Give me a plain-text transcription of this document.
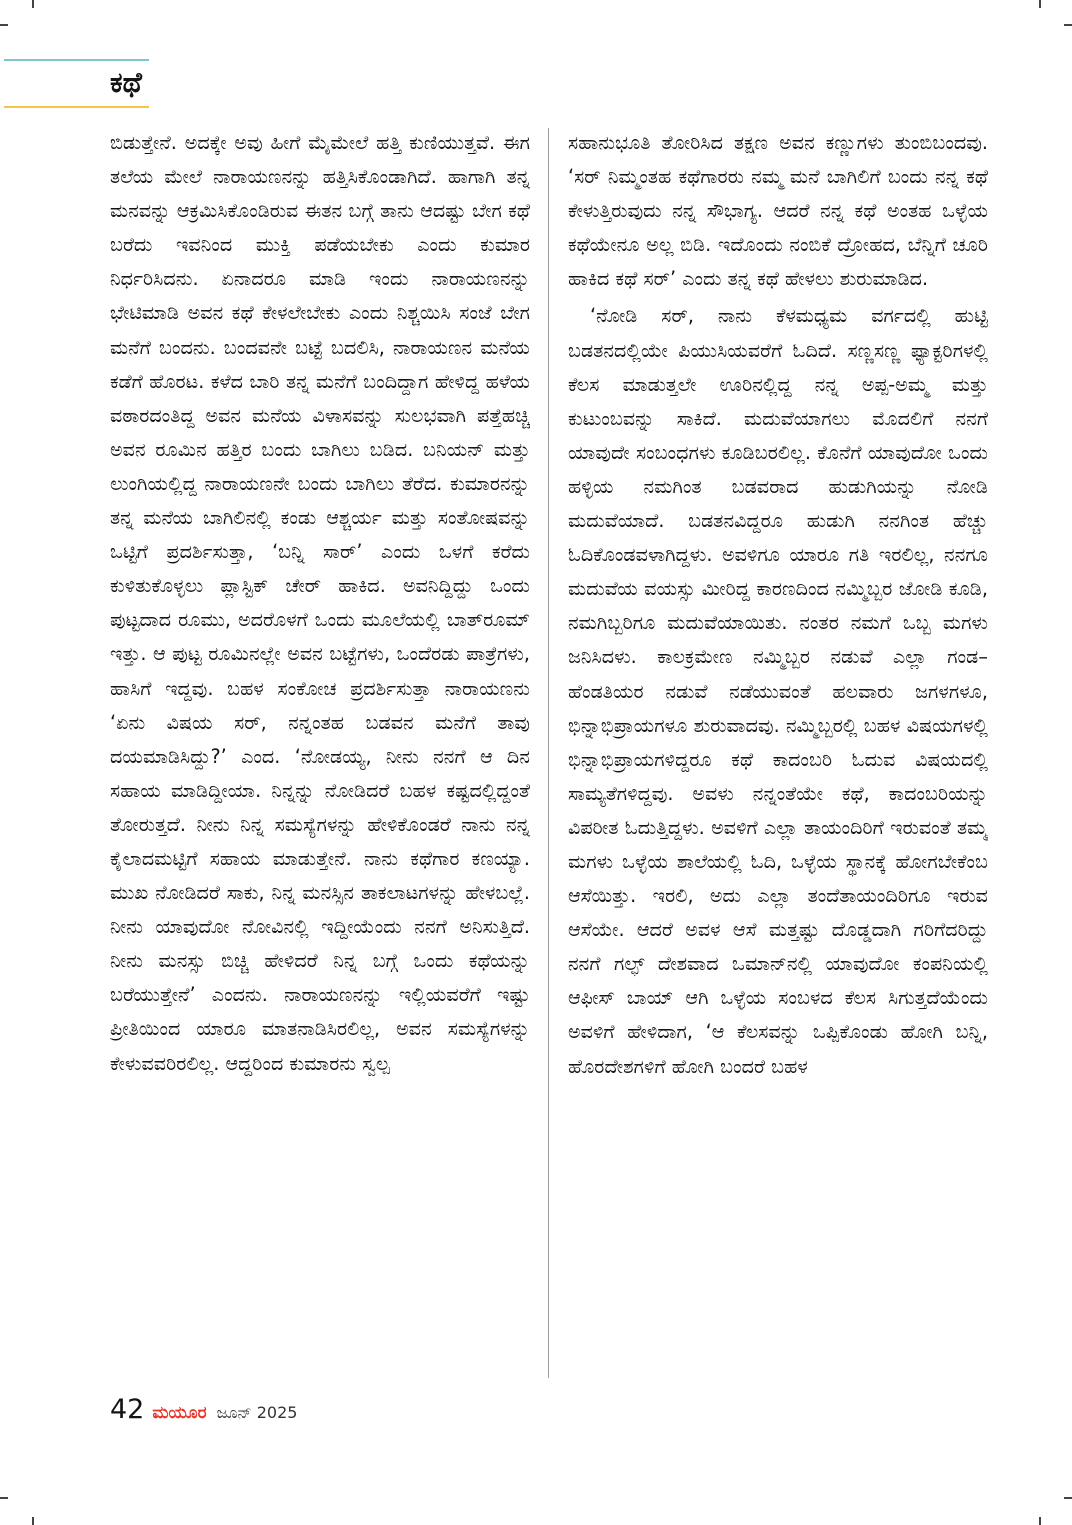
ಕಥೆ

ಬಿಡುತ್ತೇನೆ. ಅದಕ್ಕೇ ಅವು ಹೀಗೆ ಮೈಮೇಲೆ ಹತ್ತಿ ಕುಣಿಯುತ್ತವೆ. ಈಗ ತಲೆಯ ಮೇಲೆ ನಾರಾಯಣನನ್ನು ಹತ್ತಿಸಿಕೊಂಡಾಗಿದೆ. ಹಾಗಾಗಿ ತನ್ನ ಮನವನ್ನು ಆಕ್ರಮಿಸಿಕೊಂಡಿರುವ ಈತನ ಬಗ್ಗೆ ತಾನು ಆದಷ್ಟು ಬೇಗ ಕಥೆ ಬರೆದು ಇವನಿಂದ ಮುಕ್ತಿ ಪಡೆಯಬೇಕು ಎಂದು ಕುಮಾರ ನಿರ್ಧರಿಸಿದನು. ಏನಾದರೂ ಮಾಡಿ ಇಂದು ನಾರಾಯಣನನ್ನು ಭೇಟಿಮಾಡಿ ಅವನ ಕಥೆ ಕೇಳಲೇಬೇಕು ಎಂದು ನಿಶ್ಚಯಿಸಿ ಸಂಜೆ ಬೇಗ ಮನೆಗೆ ಬಂದನು. ಬಂದವನೇ ಬಟ್ಟೆ ಬದಲಿಸಿ, ನಾರಾಯಣನ ಮನೆಯ ಕಡೆಗೆ ಹೊರಟ. ಕಳೆದ ಬಾರಿ ತನ್ನ ಮನೆಗೆ ಬಂದಿದ್ದಾಗ ಹೇಳಿದ್ದ ಹಳೆಯ ವಠಾರದಂತಿದ್ದ ಅವನ ಮನೆಯ ವಿಳಾಸವನ್ನು ಸುಲಭವಾಗಿ ಪತ್ತೆಹಚ್ಚಿ ಅವನ ರೂಮಿನ ಹತ್ತಿರ ಬಂದು ಬಾಗಿಲು ಬಡಿದ. ಬನಿಯನ್ ಮತ್ತು ಲುಂಗಿಯಲ್ಲಿದ್ದ ನಾರಾಯಣನೇ ಬಂದು ಬಾಗಿಲು ತೆರೆದ. ಕುಮಾರನನ್ನು ತನ್ನ ಮನೆಯ ಬಾಗಿಲಿನಲ್ಲಿ ಕಂಡು ಆಶ್ಚರ್ಯ ಮತ್ತು ಸಂತೋಷವನ್ನು ಒಟ್ಟಿಗೆ ಪ್ರದರ್ಶಿಸುತ್ತಾ, ‘ಬನ್ನಿ ಸಾರ್’ ಎಂದು ಒಳಗೆ ಕರೆದು ಕುಳಿತುಕೊಳ್ಳಲು ಪ್ಲಾಸ್ಟಿಕ್ ಚೇರ್ ಹಾಕಿದ. ಅವನಿದ್ದಿದ್ದು ಒಂದು ಪುಟ್ಟದಾದ ರೂಮು, ಅದರೊಳಗೆ ಒಂದು ಮೂಲೆಯಲ್ಲಿ ಬಾತ್‌ರೂಮ್ ಇತ್ತು. ಆ ಪುಟ್ಟ ರೂಮಿನಲ್ಲೇ ಅವನ ಬಟ್ಟೆಗಳು, ಒಂದೆರಡು ಪಾತ್ರೆಗಳು, ಹಾಸಿಗೆ ಇದ್ದವು. ಬಹಳ ಸಂಕೋಚ ಪ್ರದರ್ಶಿಸುತ್ತಾ ನಾರಾಯಣನು ‘ಏನು ವಿಷಯ ಸರ್, ನನ್ನಂತಹ ಬಡವನ ಮನೆಗೆ ತಾವು ದಯಮಾಡಿಸಿದ್ದು?’ ಎಂದ. ‘ನೋಡಯ್ಯ, ನೀನು ನನಗೆ ಆ ದಿನ ಸಹಾಯ ಮಾಡಿದ್ದೀಯಾ. ನಿನ್ನನ್ನು ನೋಡಿದರೆ ಬಹಳ ಕಷ್ಟದಲ್ಲಿದ್ದಂತೆ ತೋರುತ್ತದೆ. ನೀನು ನಿನ್ನ ಸಮಸ್ಯೆಗಳನ್ನು ಹೇಳಿಕೊಂಡರೆ ನಾನು ನನ್ನ ಕೈಲಾದಮಟ್ಟಿಗೆ ಸಹಾಯ ಮಾಡುತ್ತೇನೆ. ನಾನು ಕಥೆಗಾರ ಕಣಯ್ಯಾ. ಮುಖ ನೋಡಿದರೆ ಸಾಕು, ನಿನ್ನ ಮನಸ್ಸಿನ ತಾಕಲಾಟಗಳನ್ನು ಹೇಳಬಲ್ಲೆ. ನೀನು ಯಾವುದೋ ನೋವಿನಲ್ಲಿ ಇದ್ದೀಯೆಂದು ನನಗೆ ಅನಿಸುತ್ತಿದೆ. ನೀನು ಮನಸ್ಸು ಬಿಚ್ಚಿ ಹೇಳಿದರೆ ನಿನ್ನ ಬಗ್ಗೆ ಒಂದು ಕಥೆಯನ್ನು ಬರೆಯುತ್ತೇನೆ’ ಎಂದನು. ನಾರಾಯಣನನ್ನು ಇಲ್ಲಿಯವರೆಗೆ ಇಷ್ಟು ಪ್ರೀತಿಯಿಂದ ಯಾರೂ ಮಾತನಾಡಿಸಿರಲಿಲ್ಲ, ಅವನ ಸಮಸ್ಯೆಗಳನ್ನು ಕೇಳುವವರಿರಲಿಲ್ಲ. ಆದ್ದರಿಂದ ಕುಮಾರನು ಸ್ವಲ್ಪ

ಸಹಾನುಭೂತಿ ತೋರಿಸಿದ ತಕ್ಷಣ ಅವನ ಕಣ್ಣುಗಳು ತುಂಬಿಬಂದವು. ‘ಸರ್ ನಿಮ್ಮಂತಹ ಕಥೆಗಾರರು ನಮ್ಮ ಮನೆ ಬಾಗಿಲಿಗೆ ಬಂದು ನನ್ನ ಕಥೆ ಕೇಳುತ್ತಿರುವುದು ನನ್ನ ಸೌಭಾಗ್ಯ. ಆದರೆ ನನ್ನ ಕಥೆ ಅಂತಹ ಒಳ್ಳೆಯ ಕಥೆಯೇನೂ ಅಲ್ಲ ಬಿಡಿ. ಇದೊಂದು ನಂಬಿಕೆ ದ್ರೋಹದ, ಬೆನ್ನಿಗೆ ಚೂರಿ ಹಾಕಿದ ಕಥೆ ಸರ್’ ಎಂದು ತನ್ನ ಕಥೆ ಹೇಳಲು ಶುರುಮಾಡಿದ.

‘ನೋಡಿ ಸರ್, ನಾನು ಕೆಳಮಧ್ಯಮ ವರ್ಗದಲ್ಲಿ ಹುಟ್ಟಿ ಬಡತನದಲ್ಲಿಯೇ ಪಿಯುಸಿಯವರೆಗೆ ಓದಿದೆ. ಸಣ್ಣಸಣ್ಣ ಫ್ಯಾಕ್ಟರಿಗಳಲ್ಲಿ ಕೆಲಸ ಮಾಡುತ್ತಲೇ ಊರಿನಲ್ಲಿದ್ದ ನನ್ನ ಅಪ್ಪ-ಅಮ್ಮ ಮತ್ತು ಕುಟುಂಬವನ್ನು ಸಾಕಿದೆ. ಮದುವೆಯಾಗಲು ಮೊದಲಿಗೆ ನನಗೆ ಯಾವುದೇ ಸಂಬಂಧಗಳು ಕೂಡಿಬರಲಿಲ್ಲ. ಕೊನೆಗೆ ಯಾವುದೋ ಒಂದು ಹಳ್ಳಿಯ ನಮಗಿಂತ ಬಡವರಾದ ಹುಡುಗಿಯನ್ನು ನೋಡಿ ಮದುವೆಯಾದೆ. ಬಡತನವಿದ್ದರೂ ಹುಡುಗಿ ನನಗಿಂತ ಹೆಚ್ಚು ಓದಿಕೊಂಡವಳಾಗಿದ್ದಳು. ಅವಳಿಗೂ ಯಾರೂ ಗತಿ ಇರಲಿಲ್ಲ, ನನಗೂ ಮದುವೆಯ ವಯಸ್ಸು ಮೀರಿದ್ದ ಕಾರಣದಿಂದ ನಮ್ಮಿಬ್ಬರ ಜೋಡಿ ಕೂಡಿ, ನಮಗಿಬ್ಬರಿಗೂ ಮದುವೆಯಾಯಿತು. ನಂತರ ನಮಗೆ ಒಬ್ಬ ಮಗಳು ಜನಿಸಿದಳು. ಕಾಲಕ್ರಮೇಣ ನಮ್ಮಿಬ್ಬರ ನಡುವೆ ಎಲ್ಲಾ ಗಂಡ– ಹೆಂಡತಿಯರ ನಡುವೆ ನಡೆಯುವಂತೆ ಹಲವಾರು ಜಗಳಗಳೂ, ಭಿನ್ನಾಭಿಪ್ರಾಯಗಳೂ ಶುರುವಾದವು. ನಮ್ಮಿಬ್ಬರಲ್ಲಿ ಬಹಳ ವಿಷಯಗಳಲ್ಲಿ ಭಿನ್ನಾಭಿಪ್ರಾಯಗಳಿದ್ದರೂ ಕಥೆ ಕಾದಂಬರಿ ಓದುವ ವಿಷಯದಲ್ಲಿ ಸಾಮ್ಯತೆಗಳಿದ್ದವು. ಅವಳು ನನ್ನಂತೆಯೇ ಕಥೆ, ಕಾದಂಬರಿಯನ್ನು ವಿಪರೀತ ಓದುತ್ತಿದ್ದಳು. ಅವಳಿಗೆ ಎಲ್ಲಾ ತಾಯಂದಿರಿಗೆ ಇರುವಂತೆ ತಮ್ಮ ಮಗಳು ಒಳ್ಳೆಯ ಶಾಲೆಯಲ್ಲಿ ಓದಿ, ಒಳ್ಳೆಯ ಸ್ಥಾನಕ್ಕೆ ಹೋಗಬೇಕೆಂಬ ಆಸೆಯಿತ್ತು. ಇರಲಿ, ಅದು ಎಲ್ಲಾ ತಂದೆತಾಯಂದಿರಿಗೂ ಇರುವ ಆಸೆಯೇ. ಆದರೆ ಅವಳ ಆಸೆ ಮತ್ತಷ್ಟು ದೊಡ್ಡದಾಗಿ ಗರಿಗೆದರಿದ್ದು ನನಗೆ ಗಲ್ಫ್ ದೇಶವಾದ ಒಮಾನ್‌ನಲ್ಲಿ ಯಾವುದೋ ಕಂಪನಿಯಲ್ಲಿ ಆಫೀಸ್ ಬಾಯ್ ಆಗಿ ಒಳ್ಳೆಯ ಸಂಬಳದ ಕೆಲಸ ಸಿಗುತ್ತದೆಯೆಂದು ಅವಳಿಗೆ ಹೇಳಿದಾಗ, ‘ಆ ಕೆಲಸವನ್ನು ಒಪ್ಪಿಕೊಂಡು ಹೋಗಿ ಬನ್ನಿ, ಹೊರದೇಶಗಳಿಗೆ ಹೋಗಿ ಬಂದರೆ ಬಹಳ

42 ಮಯೂರ ಜೂನ್ 2025
